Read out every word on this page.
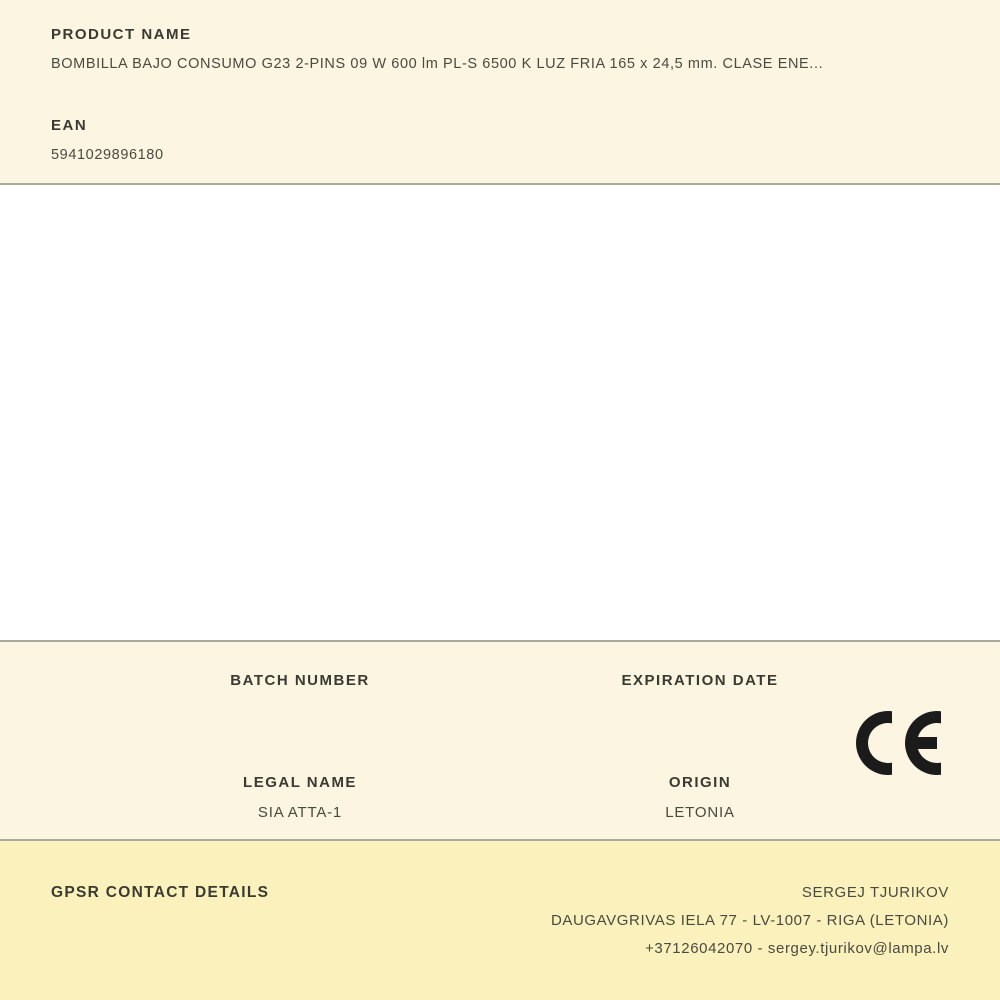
PRODUCT NAME
BOMBILLA BAJO CONSUMO G23 2-PINS 09 W 600 lm PL-S 6500 K LUZ FRIA 165 x 24,5 mm. CLASE ENE...
EAN
5941029896180
BATCH NUMBER	EXPIRATION DATE
LEGAL NAME
SIA ATTA-1
ORIGIN
LETONIA
GPSR CONTACT DETAILS	SERGEJ TJURIKOV
DAUGAVGRIVAS IELA 77 - LV-1007 - RIGA (LETONIA)
+37126042070 - sergey.tjurikov@lampa.lv
